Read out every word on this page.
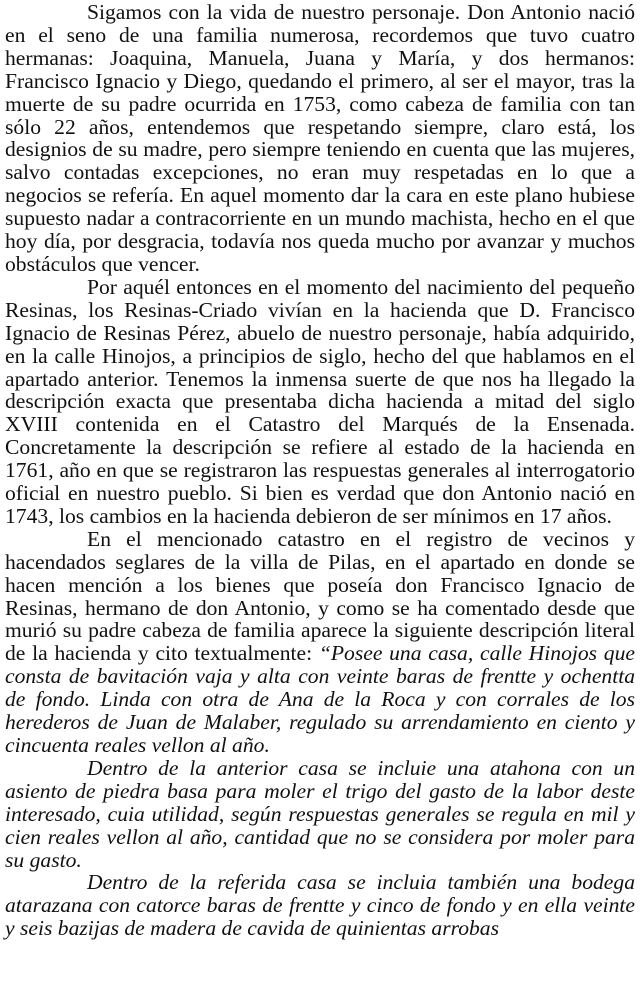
Sigamos con la vida de nuestro personaje. Don Antonio nació en el seno de una familia numerosa, recordemos que tuvo cuatro hermanas: Joaquina, Manuela, Juana y María, y dos hermanos: Francisco Ignacio y Diego, quedando el primero, al ser el mayor, tras la muerte de su padre ocurrida en 1753, como cabeza de familia con tan sólo 22 años, entendemos que respetando siempre, claro está, los designios de su madre, pero siempre teniendo en cuenta que las mujeres, salvo contadas excepciones, no eran muy respetadas en lo que a negocios se refería. En aquel momento dar la cara en este plano hubiese supuesto nadar a contracorriente en un mundo machista, hecho en el que hoy día, por desgracia, todavía nos queda mucho por avanzar y muchos obstáculos que vencer.

Por aquél entonces en el momento del nacimiento del pequeño Resinas, los Resinas-Criado vivían en la hacienda que D. Francisco Ignacio de Resinas Pérez, abuelo de nuestro personaje, había adquirido, en la calle Hinojos, a principios de siglo, hecho del que hablamos en el apartado anterior. Tenemos la inmensa suerte de que nos ha llegado la descripción exacta que presentaba dicha hacienda a mitad del siglo XVIII contenida en el Catastro del Marqués de la Ensenada. Concretamente la descripción se refiere al estado de la hacienda en 1761, año en que se registraron las respuestas generales al interrogatorio oficial en nuestro pueblo. Si bien es verdad que don Antonio nació en 1743, los cambios en la hacienda debieron de ser mínimos en 17 años.

En el mencionado catastro en el registro de vecinos y hacendados seglares de la villa de Pilas, en el apartado en donde se hacen mención a los bienes que poseía don Francisco Ignacio de Resinas, hermano de don Antonio, y como se ha comentado desde que murió su padre cabeza de familia aparece la siguiente descripción literal de la hacienda y cito textualmente: “Posee una casa, calle Hinojos que consta de bavitación vaja y alta con veinte baras de frentte y ochentta de fondo. Linda con otra de Ana de la Roca y con corrales de los herederos de Juan de Malaber, regulado su arrendamiento en ciento y cincuenta reales vellon al año.

Dentro de la anterior casa se incluie una atahona con un asiento de piedra basa para moler el trigo del gasto de la labor deste interesado, cuia utilidad, según respuestas generales se regula en mil y cien reales vellon al año, cantidad que no se considera por moler para su gasto.

Dentro de la referida casa se incluia también una bodega atarazana con catorce baras de frentte y cinco de fondo y en ella veinte y seis bazijas de madera de cavida de quinientas arrobas
